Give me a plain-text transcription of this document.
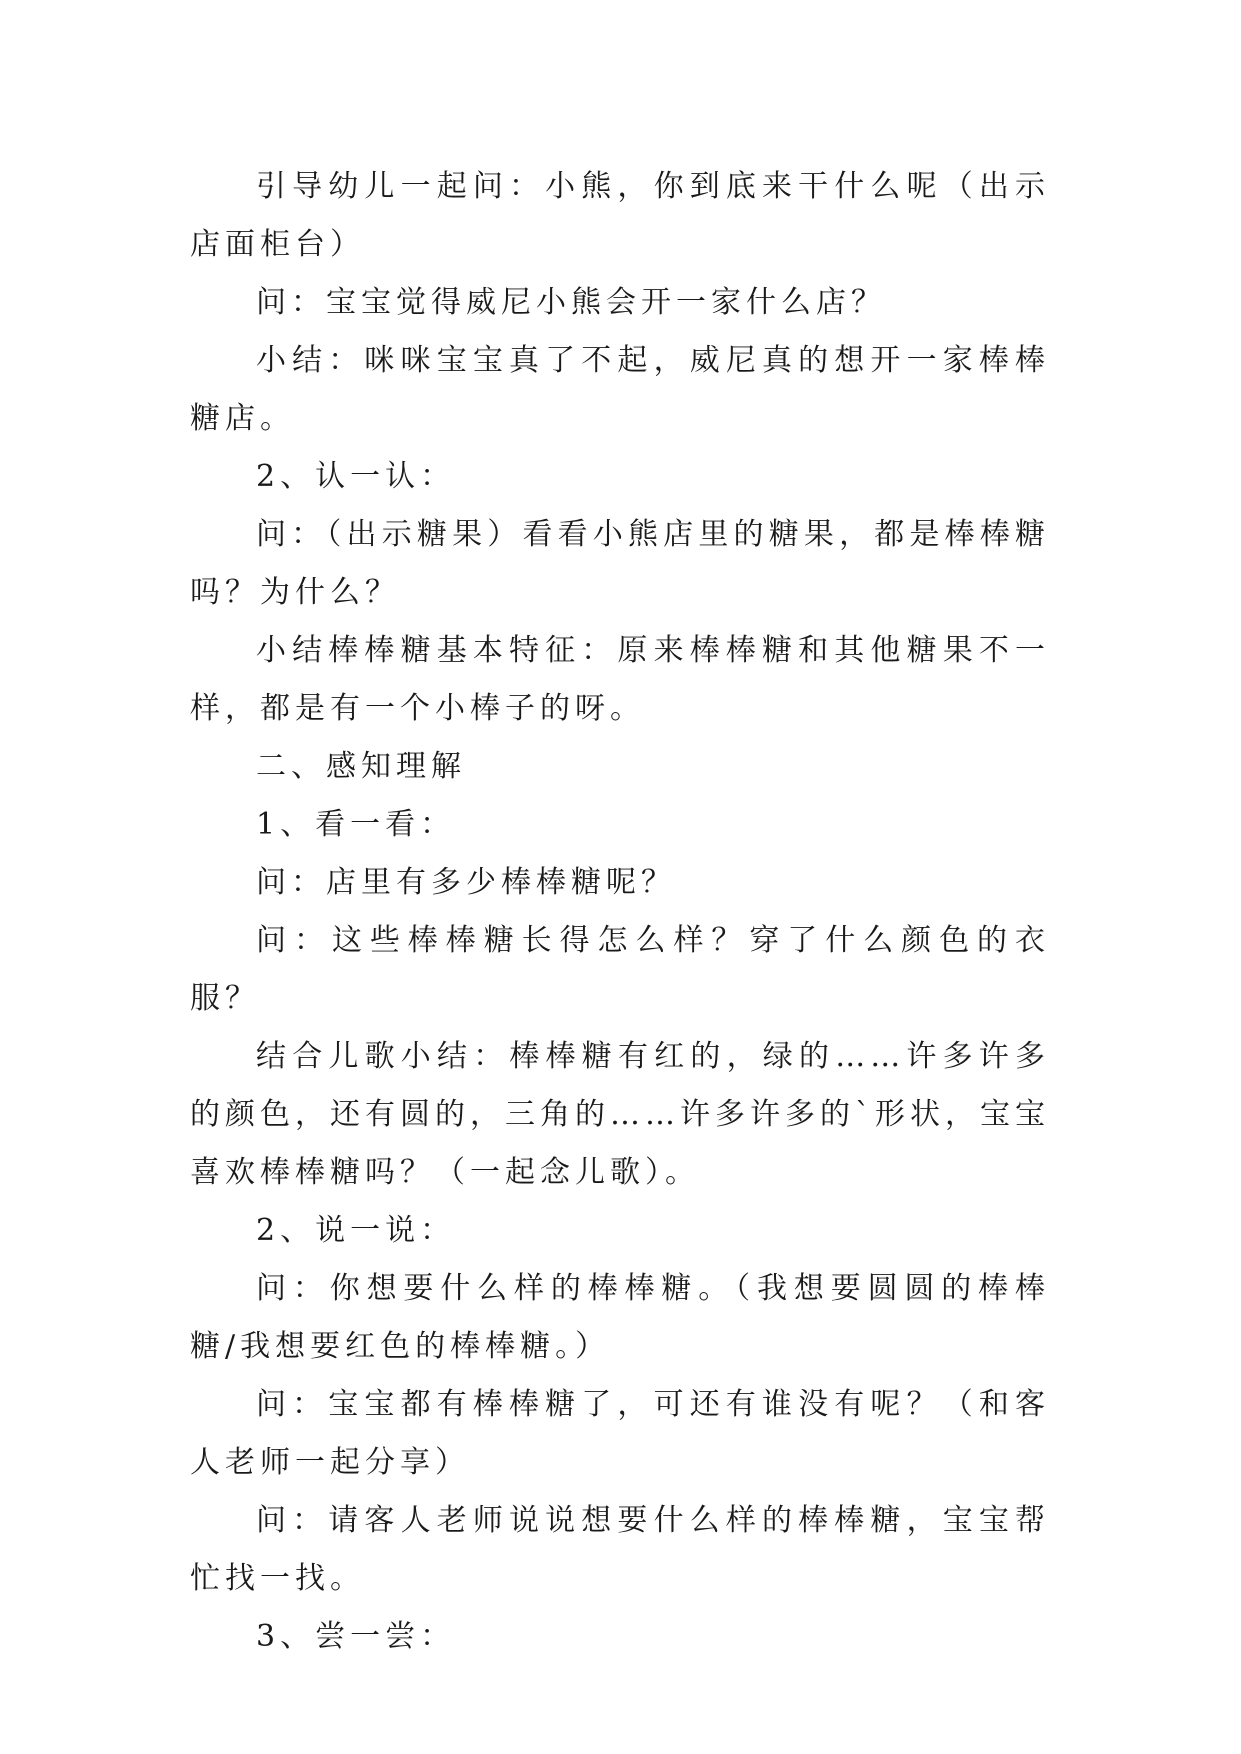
引导幼儿一起问：小熊，你到底来干什么呢（出示店面柜台）

问：宝宝觉得威尼小熊会开一家什么店？

小结：咪咪宝宝真了不起，威尼真的想开一家棒棒糖店。

2、认一认：

问：（出示糖果）看看小熊店里的糖果，都是棒棒糖吗？为什么？

小结棒棒糖基本特征：原来棒棒糖和其他糖果不一样，都是有一个小棒子的呀。

二、感知理解

1、看一看：

问：店里有多少棒棒糖呢？

问：这些棒棒糖长得怎么样？穿了什么颜色的衣服？

结合儿歌小结：棒棒糖有红的，绿的……许多许多的颜色，还有圆的，三角的……许多许多的`形状，宝宝喜欢棒棒糖吗？（一起念儿歌）。

2、说一说：

问：你想要什么样的棒棒糖。（我想要圆圆的棒棒糖/我想要红色的棒棒糖。）

问：宝宝都有棒棒糖了，可还有谁没有呢？（和客人老师一起分享）

问：请客人老师说说想要什么样的棒棒糖，宝宝帮忙找一找。

3、尝一尝：
